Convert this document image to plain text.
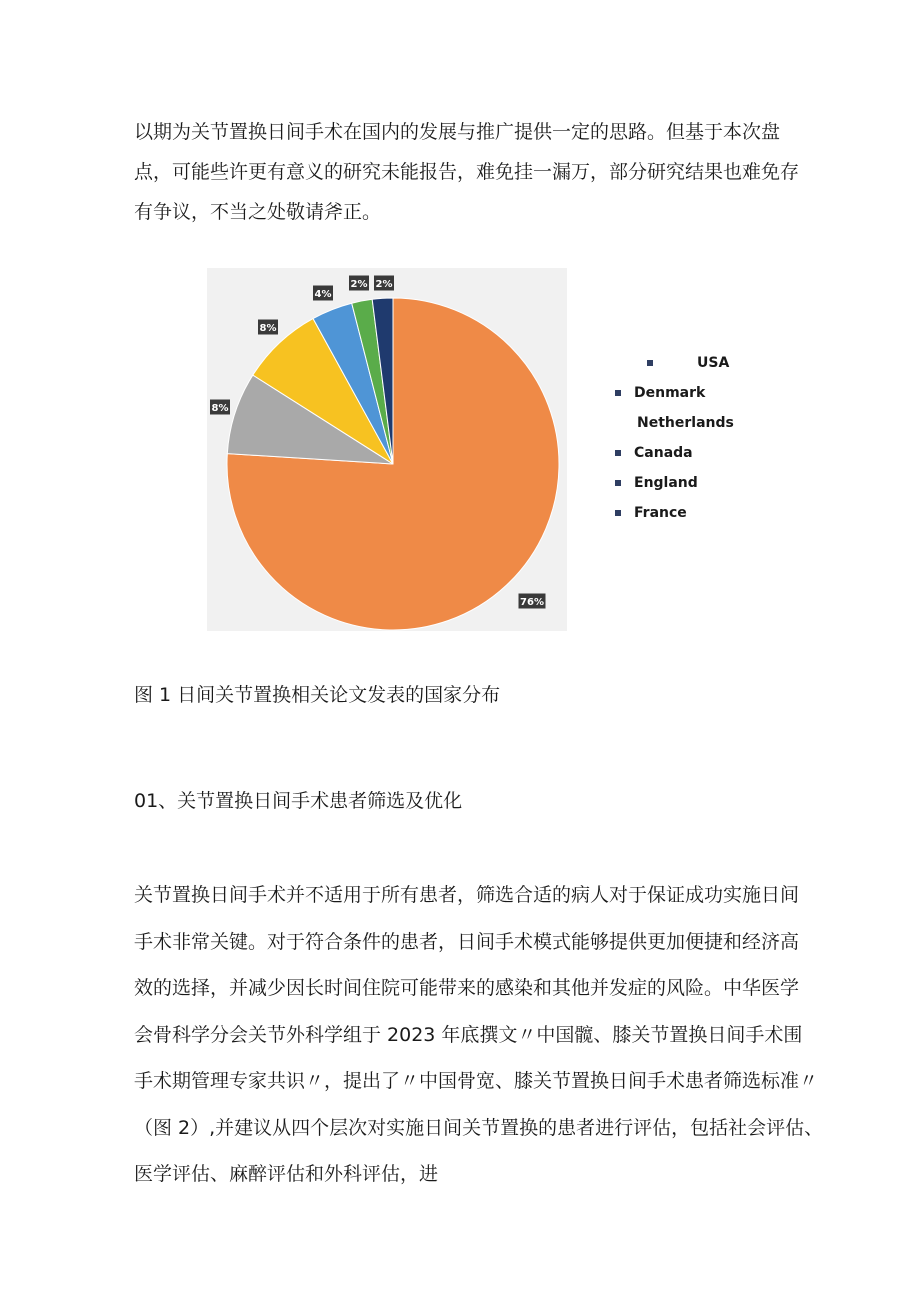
以期为关节置换日间手术在国内的发展与推广提供一定的思路。但基于本次盘
点，可能些许更有意义的研究未能报告，难免挂一漏万，部分研究结果也难免存
有争议，不当之处敬请斧正。
76%
8%
8%
4%
2% 2%
USA
Denmark
Netherlands
Canada
England
France

图 1 日间关节置换相关论文发表的国家分布

01、关节置换日间手术患者筛选及优化

关节置换日间手术并不适用于所有患者，筛选合适的病人对于保证成功实施日间
手术非常关键。对于符合条件的患者，日间手术模式能够提供更加便捷和经济高
效的选择，并减少因长时间住院可能带来的感染和其他并发症的风险。中华医学
会骨科学分会关节外科学组于 2023 年底撰文〃中国髋、膝关节置换日间手术围
手术期管理专家共识〃，提出了〃中国骨宽、膝关节置换日间手术患者筛选标准〃
（图 2）,并建议从四个层次对实施日间关节置换的患者进行评估，包括社会评估、
医学评估、麻醉评估和外科评估，进
